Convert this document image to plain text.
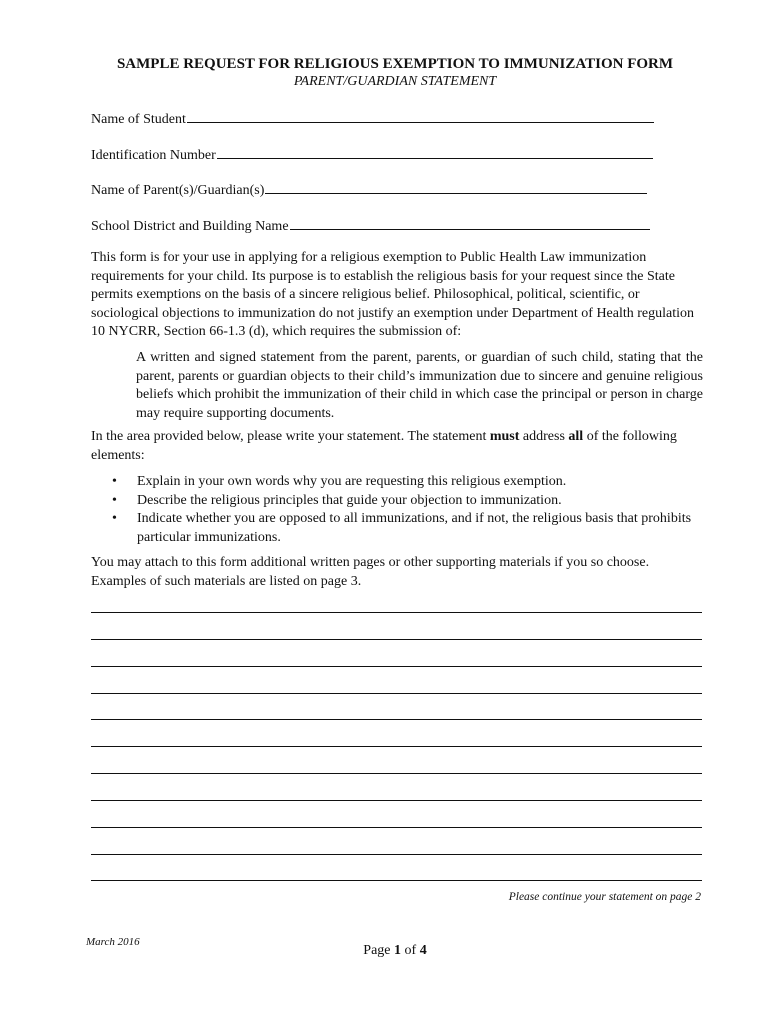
SAMPLE REQUEST FOR RELIGIOUS EXEMPTION TO IMMUNIZATION FORM
PARENT/GUARDIAN STATEMENT
Name of Student
Identification Number
Name of Parent(s)/Guardian(s)
School District and Building Name
This form is for your use in applying for a religious exemption to Public Health Law immunization requirements for your child. Its purpose is to establish the religious basis for your request since the State permits exemptions on the basis of a sincere religious belief. Philosophical, political, scientific, or sociological objections to immunization do not justify an exemption under Department of Health regulation 10 NYCRR, Section 66-1.3 (d), which requires the submission of:
A written and signed statement from the parent, parents, or guardian of such child, stating that the parent, parents or guardian objects to their child’s immunization due to sincere and genuine religious beliefs which prohibit the immunization of their child in which case the principal or person in charge may require supporting documents.
In the area provided below, please write your statement. The statement must address all of the following elements:
• Explain in your own words why you are requesting this religious exemption.
• Describe the religious principles that guide your objection to immunization.
• Indicate whether you are opposed to all immunizations, and if not, the religious basis that prohibits particular immunizations.
You may attach to this form additional written pages or other supporting materials if you so choose. Examples of such materials are listed on page 3.
Please continue your statement on page 2
March 2016
Page 1 of 4
